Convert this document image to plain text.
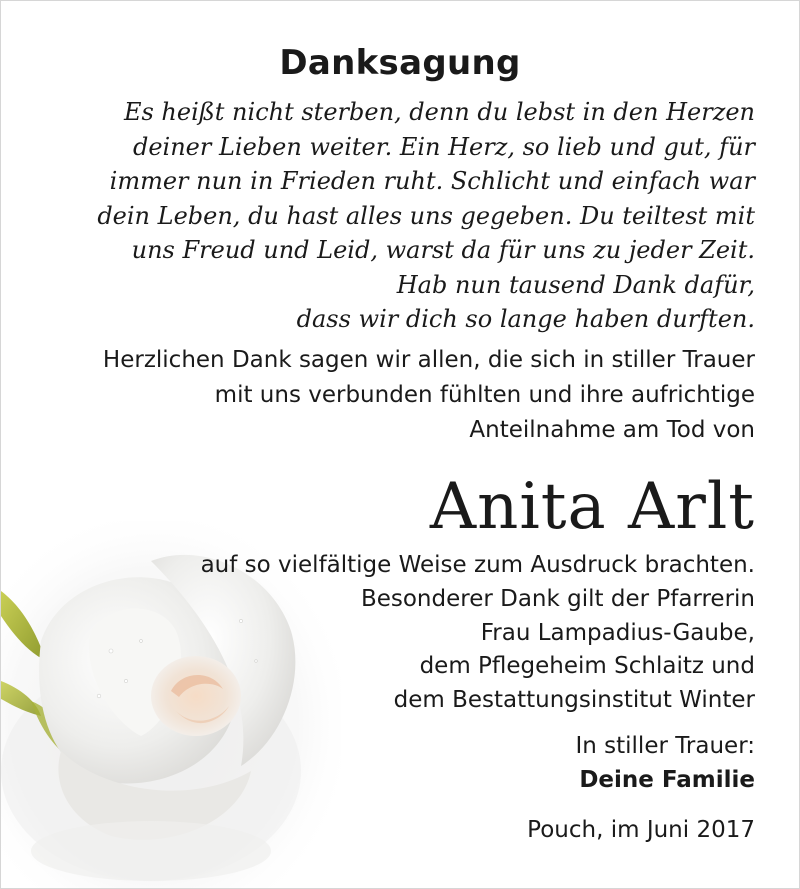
Danksagung
Es heißt nicht sterben, denn du lebst in den Herzen
deiner Lieben weiter. Ein Herz, so lieb und gut, für
immer nun in Frieden ruht. Schlicht und einfach war
dein Leben, du hast alles uns gegeben. Du teiltest mit
uns Freud und Leid, warst da für uns zu jeder Zeit.
Hab nun tausend Dank dafür,
dass wir dich so lange haben durften.
Herzlichen Dank sagen wir allen, die sich in stiller Trauer
mit uns verbunden fühlten und ihre aufrichtige
Anteilnahme am Tod von
Anita Arlt
auf so vielfältige Weise zum Ausdruck brachten.
Besonderer Dank gilt der Pfarrerin
Frau Lampadius-Gaube,
dem Pflegeheim Schlaitz und
dem Bestattungsinstitut Winter
In stiller Trauer:
Deine Familie
Pouch, im Juni 2017
